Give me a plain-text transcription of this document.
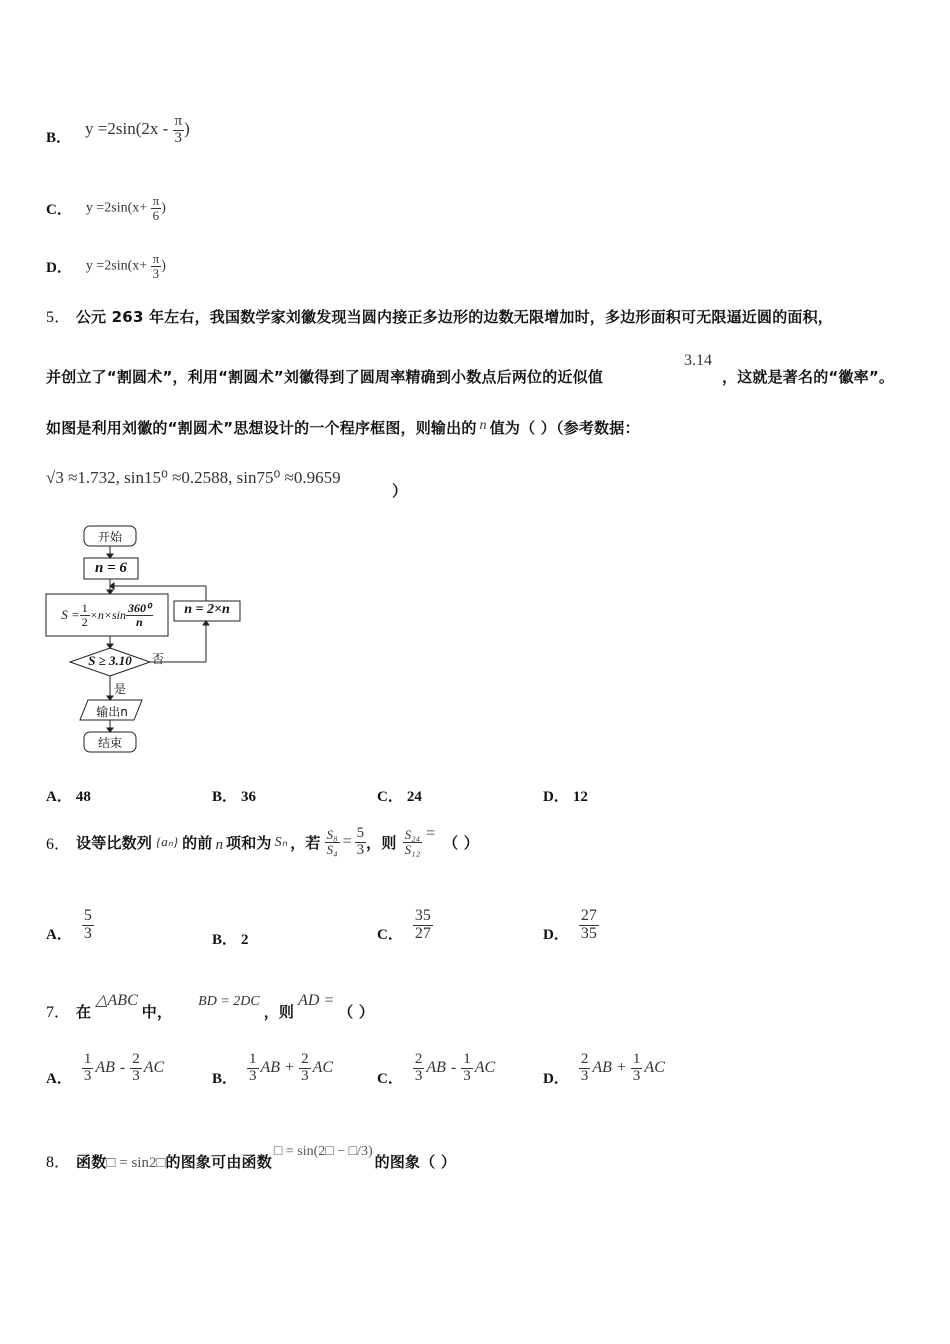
B． $y =2\sin(2x - \frac{\pi}{3}$ )
C． $y =2\sin(x+ \frac{\pi}{6}$ )
D． $y =2\sin(x+ \frac{\pi}{3}$ )
5． 公元 263 年左右，我国数学家刘徽发现当圆内接正多边形的边数无限增加时，多边形面积可无限逼近圆的面积，
并创立了“割圆术”，利用“割圆术”刘徽得到了圆周率精确到小数点后两位的近似值
3.14
，这就是著名的“徽率”。
如图是利用刘徽的“割圆术”思想设计的一个程序框图，则输出的 n 值为（ ）（参考数据：
√3 ≈1.732, sin15⁰ ≈0.2588, sin75⁰ ≈0.9659
）
开始
n = 6
$S = \frac{1}{2} \times n\times\sin \frac{\text{360⁰}}{n}$	n = 2×n
S ≥ 3.10	否
是
输出n
结束
A． 48	B． 36	C． 24	D． 12
6． 设等比数列 {aₙ} 的前 n 项和为 Sₙ ，若 $\frac{\text{S₈}}{\text{S₄}} = \frac{5}{3}$ ，则 $\frac{\text{S₂₄}}{\text{S₁₂}}$ = （ ）
A． $\frac{5}{3}$	B． 2	C． $\frac{35}{27}$	D． $\frac{27}{35}$
7． 在
△ABC
中，
BD = 2DC
，则
AD =
（ ）
A． $\frac{1}{3}$ AB - $\frac{2}{3}$ AC
B． $\frac{1}{3}$ AB + $\frac{2}{3}$ AC
C． $\frac{2}{3}$ AB - $\frac{1}{3}$ AC
D． $\frac{2}{3}$ AB + $\frac{1}{3}$ AC
8． 函数 □ = sin2□ 的图象可由函数
□ = sin(2□ − □/3)
的图象（ ）
